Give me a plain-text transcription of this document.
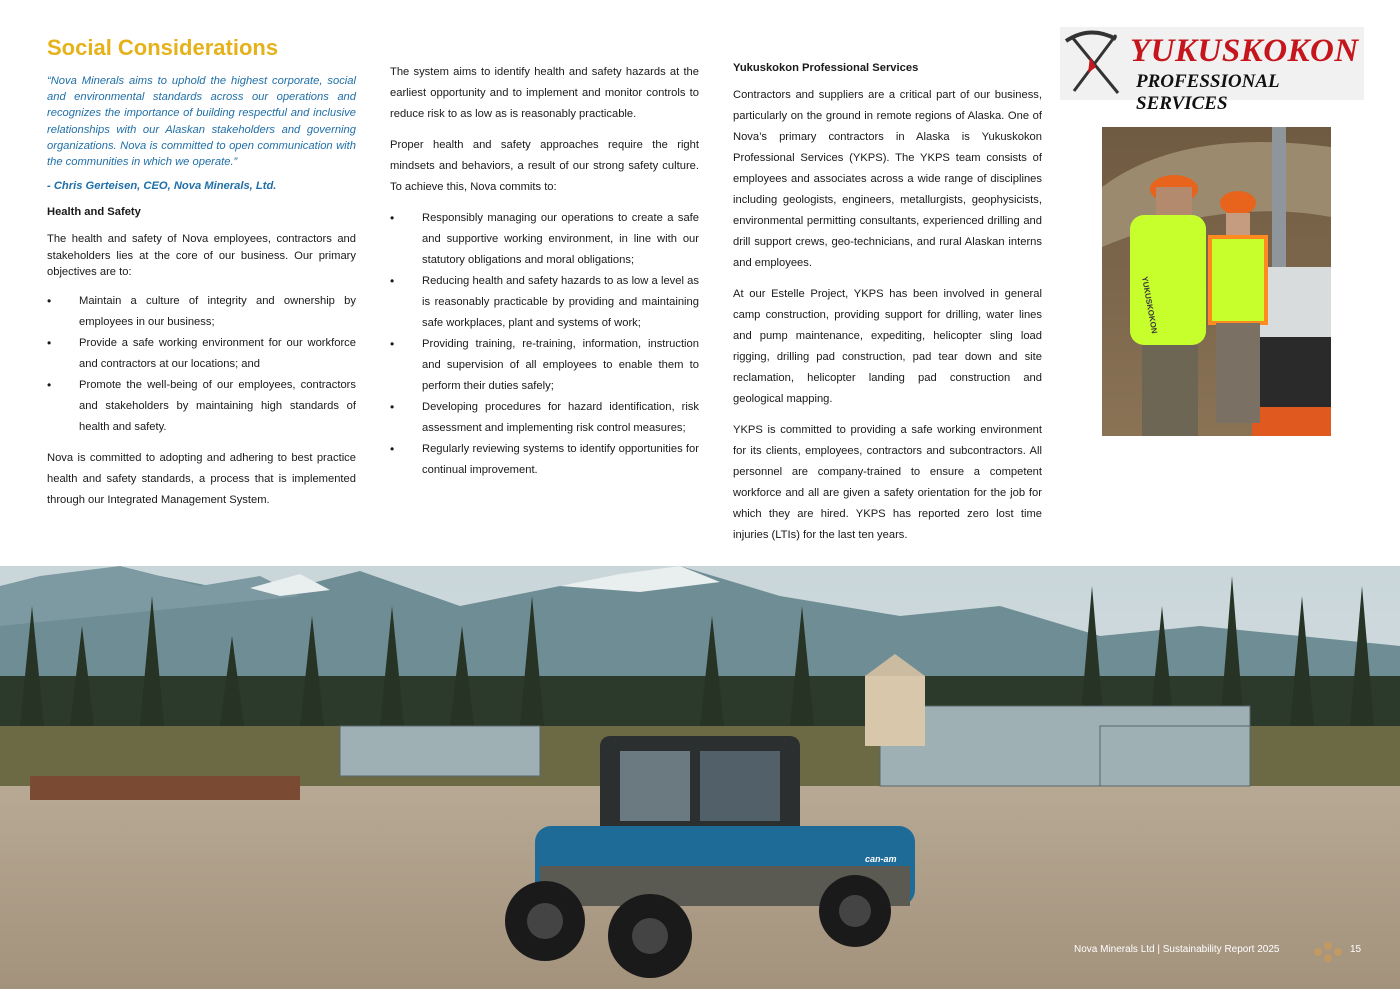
Social Considerations

“Nova Minerals aims to uphold the highest corporate, social and environmental standards across our operations and recognizes the importance of building respectful and inclusive relationships with our Alaskan stakeholders and governing organizations. Nova is committed to open communication with the communities in which we operate.”

- Chris Gerteisen, CEO, Nova Minerals, Ltd.

Health and Safety

The health and safety of Nova employees, contractors and stakeholders lies at the core of our business. Our primary objectives are to:

• Maintain a culture of integrity and ownership by employees in our business;
• Provide a safe working environment for our workforce and contractors at our locations; and
• Promote the well-being of our employees, contractors and stakeholders by maintaining high standards of health and safety.

Nova is committed to adopting and adhering to best practice health and safety standards, a process that is implemented through our Integrated Management System.

The system aims to identify health and safety hazards at the earliest opportunity and to implement and monitor controls to reduce risk to as low as is reasonably practicable.

Proper health and safety approaches require the right mindsets and behaviors, a result of our strong safety culture. To achieve this, Nova commits to:

• Responsibly managing our operations to create a safe and supportive working environment, in line with our statutory obligations and moral obligations;
• Reducing health and safety hazards to as low a level as is reasonably practicable by providing and maintaining safe workplaces, plant and systems of work;
• Providing training, re-training, information, instruction and supervision of all employees to enable them to perform their duties safely;
• Developing procedures for hazard identification, risk assessment and implementing risk control measures;
• Regularly reviewing systems to identify opportunities for continual improvement.

Yukuskokon Professional Services

Contractors and suppliers are a critical part of our business, particularly on the ground in remote regions of Alaska. One of Nova’s primary contractors in Alaska is Yukuskokon Professional Services (YKPS). The YKPS team consists of employees and associates across a wide range of disciplines including geologists, engineers, metallurgists, geophysicists, environmental permitting consultants, experienced drilling and drill support crews, geo-technicians, and rural Alaskan interns and employees.

At our Estelle Project, YKPS has been involved in general camp construction, providing support for drilling, water lines and pump maintenance, expediting, helicopter sling load rigging, drilling pad construction, pad tear down and site reclamation, helicopter landing pad construction and geological mapping.

YKPS is committed to providing a safe working environment for its clients, employees, contractors and subcontractors. All personnel are company-trained to ensure a competent workforce and all are given a safety orientation for the job for which they are hired. YKPS has reported zero lost time injuries (LTIs) for the last ten years.

YUKUSKOKON
PROFESSIONAL SERVICES
YUKUSKOKON
can-am
Nova Minerals Ltd | Sustainability Report 2025	15
